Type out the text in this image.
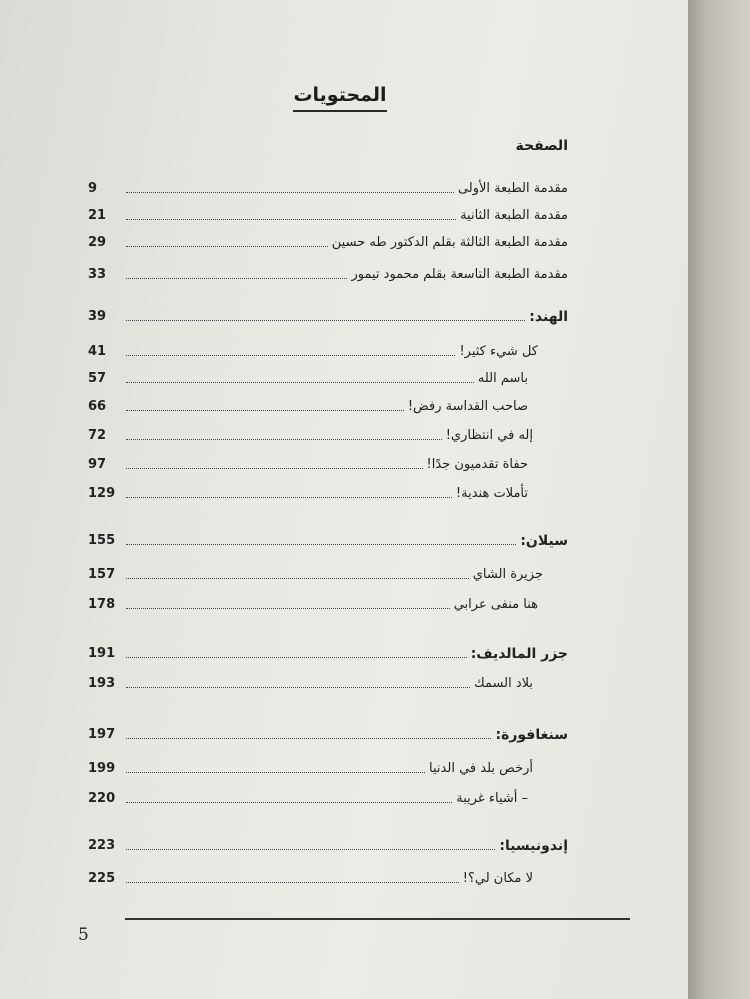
المحتويات
الصفحة
مقدمة الطبعة الأولى
9
مقدمة الطبعة الثانية
21
مقدمة الطبعة الثالثة بقلم الدكتور طه حسين
29
مقدمة الطبعة التاسعة بقلم محمود تيمور
33
الهند:
39
كل شيء كثير!
41
باسم الله
57
صاحب القداسة رفض!
66
إله في انتظاري!
72
حفاة تقدميون جدًا!
97
تأملات هندية!
129
سيلان:
155
جزيرة الشاي
157
هنا منفى عرابي
178
جزر المالديف:
191
بلاد السمك
193
سنغافورة:
197
أرخص بلد في الدنيا
199
– أشياء غريبة
220
إندونيسيا:
223
لا مكان لي؟!
225
5
